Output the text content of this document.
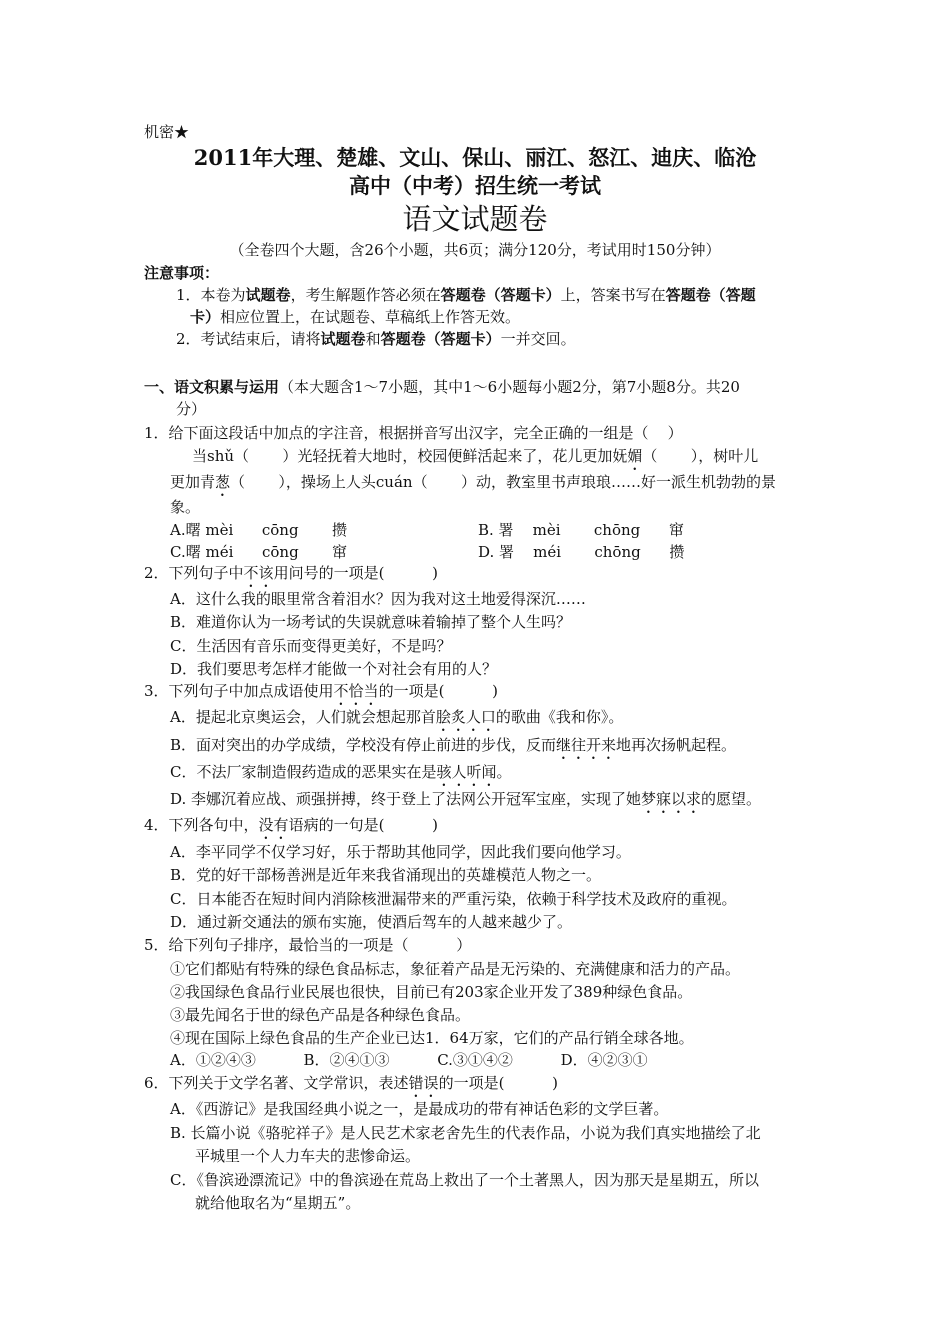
机密★
2011年大理、楚雄、文山、保山、丽江、怒江、迪庆、临沧
高中（中考）招生统一考试
语文试题卷
（全卷四个大题，含26个小题，共6页；满分120分，考试用时150分钟）
注意事项：
1．本卷为试题卷，考生解题作答必须在答题卷（答题卡）上，答案书写在答题卷（答题
卡）相应位置上，在试题卷、草稿纸上作答无效。
2．考试结束后，请将试题卷和答题卷（答题卡）一并交回。
一、语文积累与运用（本大题含1～7小题，其中1～6小题每小题2分，第7小题8分。共20
分）
1．给下面这段话中加点的字注音，根据拼音写出汉字，完全正确的一组是（    ）
当shǔ（       ）光轻抚着大地时，校园便鲜活起来了，花儿更加妩媚（       ），树叶儿
更加青葱（       ），操场上人头cuán（       ）动，教室里书声琅琅……好一派生机勃勃的景
象。
A.曙 mèi      cōng       攒	B. 署    mèi       chōng      窜
C.曙 méi      cōng       窜	D. 署    méi       chōng      攒
2．下列句子中不该用问号的一项是(          )
A．这什么我的眼里常含着泪水？因为我对这土地爱得深沉……
B．难道你认为一场考试的失误就意味着输掉了整个人生吗？
C．生活因有音乐而变得更美好，不是吗？
D．我们要思考怎样才能做一个对社会有用的人？
3．下列句子中加点成语使用不恰当的一项是(          )
A．提起北京奥运会，人们就会想起那首脍炙人口的歌曲《我和你》。
B．面对突出的办学成绩，学校没有停止前进的步伐，反而继往开来地再次扬帆起程。
C．不法厂家制造假药造成的恶果实在是骇人听闻。
D. 李娜沉着应战、顽强拼搏，终于登上了法网公开冠军宝座，实现了她梦寐以求的愿望。
4．下列各句中，没有语病的一句是(          )
A．李平同学不仅学习好，乐于帮助其他同学，因此我们要向他学习。
B．党的好干部杨善洲是近年来我省涌现出的英雄模范人物之一。
C．日本能否在短时间内消除核泄漏带来的严重污染，依赖于科学技术及政府的重视。
D．通过新交通法的颁布实施，使酒后驾车的人越来越少了。
5．给下列句子排序，最恰当的一项是（          ）
①它们都贴有特殊的绿色食品标志，象征着产品是无污染的、充满健康和活力的产品。
②我国绿色食品行业民展也很快，目前已有203家企业开发了389种绿色食品。
③最先闻名于世的绿色产品是各种绿色食品。
④现在国际上绿色食品的生产企业已达1．64万家，它们的产品行销全球各地。
A．①②④③          B．②④①③          C.③①④②          D．④②③①
6．下列关于文学名著、文学常识，表述错误的一项是(          )
A．《西游记》是我国经典小说之一，是最成功的带有神话色彩的文学巨著。
B. 长篇小说《骆驼祥子》是人民艺术家老舍先生的代表作品，小说为我们真实地描绘了北
平城里一个人力车夫的悲惨命运。
C．《鲁滨逊漂流记》中的鲁滨逊在荒岛上救出了一个土著黑人，因为那天是星期五，所以
就给他取名为“星期五”。
